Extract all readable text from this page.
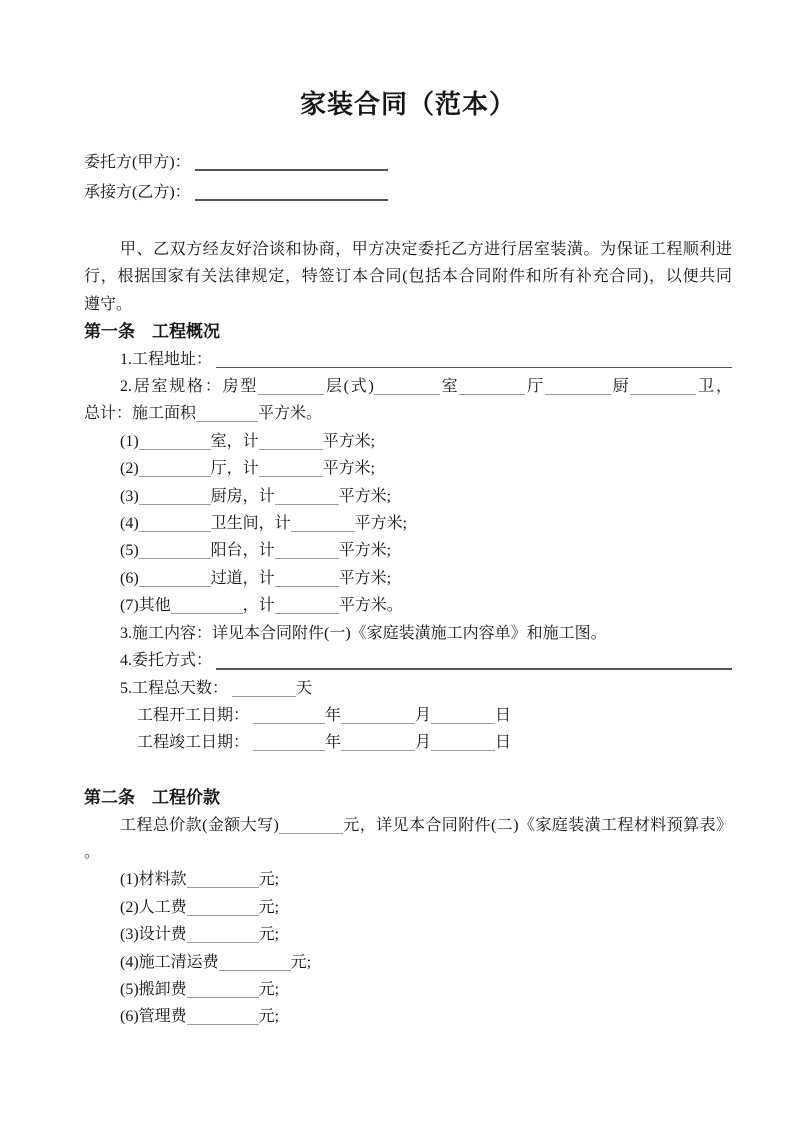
家装合同（范本）
委托方(甲方)：
承接方(乙方)：
甲、乙双方经友好洽谈和协商，甲方决定委托乙方进行居室装潢。为保证工程顺利进
行，根据国家有关法律规定，特签订本合同(包括本合同附件和所有补充合同)，以便共同
遵守。
第一条　工程概况
1.工程地址：
2.居室规格：房型	层(式)	室	厅	厨	卫，
总计：施工面积	平方米。
(1)	室，计	平方米;
(2)	厅，计	平方米;
(3)	厨房，计	平方米;
(4)	卫生间，计	平方米;
(5)	阳台，计	平方米;
(6)	过道，计	平方米;
(7)其他	，计	平方米。
3.施工内容：详见本合同附件(一)《家庭装潢施工内容单》和施工图。
4.委托方式：
5.工程总天数：	天
工程开工日期：	年	月	日
工程竣工日期：	年	月	日
第二条　工程价款
工程总价款(金额大写)	元，详见本合同附件(二)《家庭装潢工程材料预算表》
。
(1)材料款	元;
(2)人工费	元;
(3)设计费	元;
(4)施工清运费	元;
(5)搬卸费	元;
(6)管理费	元;
